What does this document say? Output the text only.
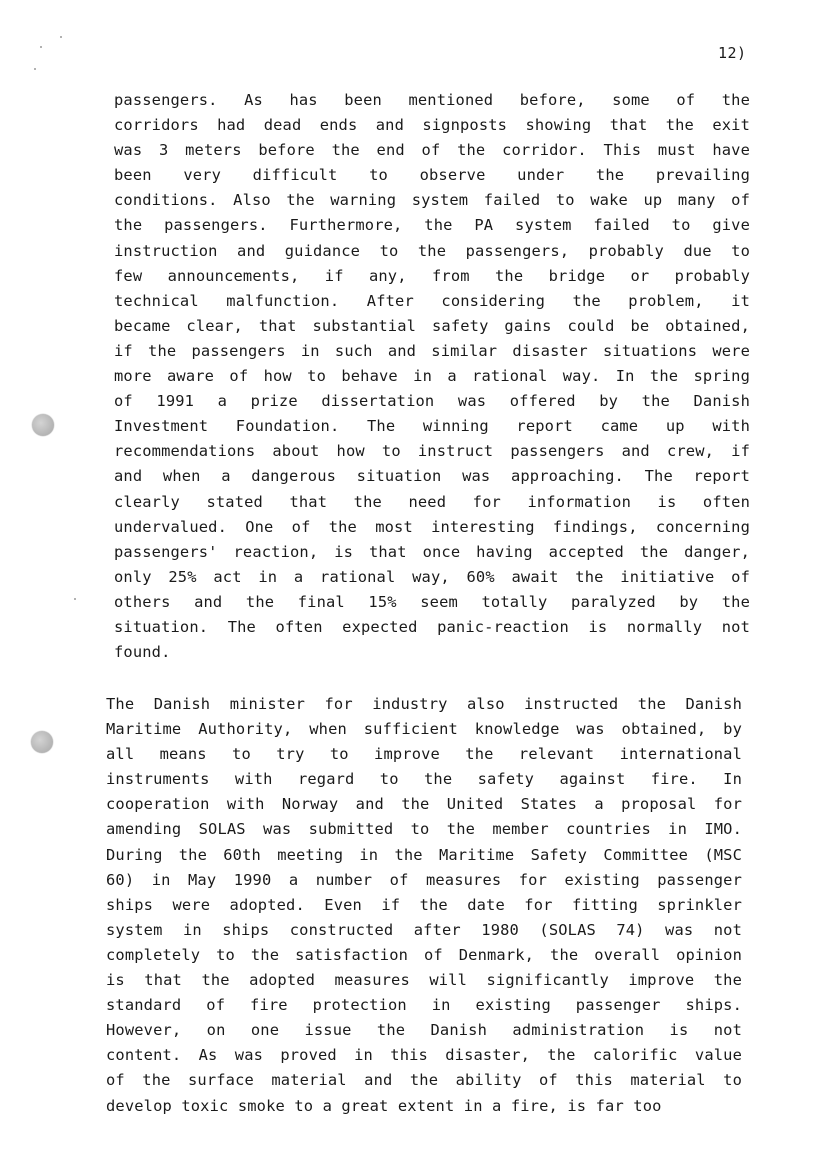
12)
passengers. As has been mentioned before, some of the
corridors had dead ends and signposts showing that the exit
was 3 meters before the end of the corridor. This must have
been very difficult to observe under the prevailing
conditions. Also the warning system failed to wake up many of
the passengers. Furthermore, the PA system failed to give
instruction and guidance to the passengers, probably due to
few announcements, if any, from the bridge or probably
technical malfunction. After considering the problem, it
became clear, that substantial safety gains could be obtained,
if the passengers in such and similar disaster situations were
more aware of how to behave in a rational way. In the spring
of 1991 a prize dissertation was offered by the Danish
Investment Foundation. The winning report came up with
recommendations about how to instruct passengers and crew, if
and when a dangerous situation was approaching. The report
clearly stated that the need for information is often
undervalued. One of the most interesting findings, concerning
passengers' reaction, is that once having accepted the danger,
only 25% act in a rational way, 60% await the initiative of
others and the final 15% seem totally paralyzed by the
situation. The often expected panic-reaction is normally not
found.
The Danish minister for industry also instructed the Danish
Maritime Authority, when sufficient knowledge was obtained, by
all means to try to improve the relevant international
instruments with regard to the safety against fire. In
cooperation with Norway and the United States a proposal for
amending SOLAS was submitted to the member countries in IMO.
During the 60th meeting in the Maritime Safety Committee (MSC
60) in May 1990 a number of measures for existing passenger
ships were adopted. Even if the date for fitting sprinkler
system in ships constructed after 1980 (SOLAS 74) was not
completely to the satisfaction of Denmark, the overall opinion
is that the adopted measures will significantly improve the
standard of fire protection in existing passenger ships.
However, on one issue the Danish administration is not
content. As was proved in this disaster, the calorific value
of the surface material and the ability of this material to
develop toxic smoke to a great extent in a fire, is far too
